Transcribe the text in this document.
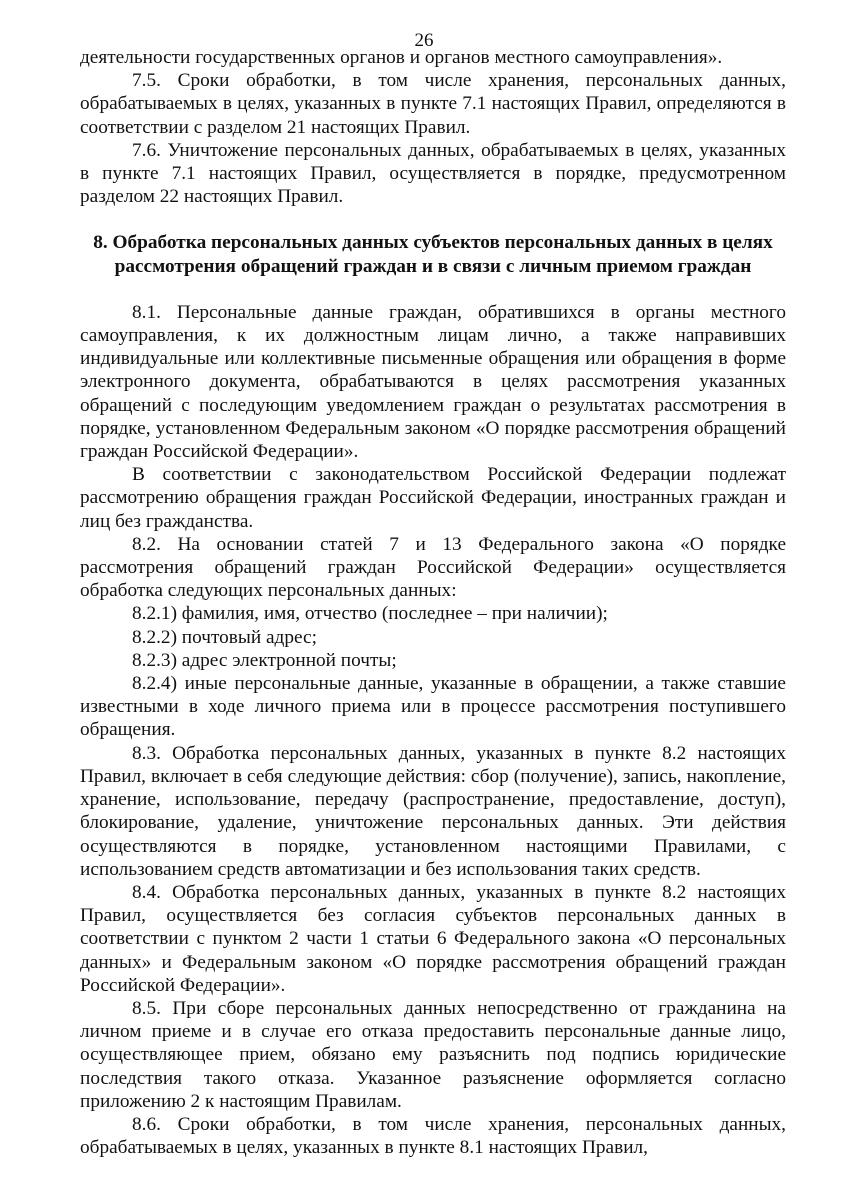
26

деятельности государственных органов и органов местного самоуправления».

7.5. Сроки обработки, в том числе хранения, персональных данных, обрабатываемых в целях, указанных в пункте 7.1 настоящих Правил, определяются в соответствии с разделом 21 настоящих Правил.

7.6. Уничтожение персональных данных, обрабатываемых в целях, указанных в пункте 7.1 настоящих Правил, осуществляется в порядке, предусмотренном разделом 22 настоящих Правил.

8. Обработка персональных данных субъектов персональных данных в целях рассмотрения обращений граждан и в связи с личным приемом граждан

8.1. Персональные данные граждан, обратившихся в органы местного самоуправления, к их должностным лицам лично, а также направивших индивидуальные или коллективные письменные обращения или обращения в форме электронного документа, обрабатываются в целях рассмотрения указанных обращений с последующим уведомлением граждан о результатах рассмотрения в порядке, установленном Федеральным законом «О порядке рассмотрения обращений граждан Российской Федерации».

В соответствии с законодательством Российской Федерации подлежат рассмотрению обращения граждан Российской Федерации, иностранных граждан и лиц без гражданства.

8.2. На основании статей 7 и 13 Федерального закона «О порядке рассмотрения обращений граждан Российской Федерации» осуществляется обработка следующих персональных данных:

8.2.1) фамилия, имя, отчество (последнее – при наличии);

8.2.2) почтовый адрес;

8.2.3) адрес электронной почты;

8.2.4) иные персональные данные, указанные в обращении, а также ставшие известными в ходе личного приема или в процессе рассмотрения поступившего обращения.

8.3. Обработка персональных данных, указанных в пункте 8.2 настоящих Правил, включает в себя следующие действия: сбор (получение), запись, накопление, хранение, использование, передачу (распространение, предоставление, доступ), блокирование, удаление, уничтожение персональных данных. Эти действия осуществляются в порядке, установленном настоящими Правилами, с использованием средств автоматизации и без использования таких средств.

8.4. Обработка персональных данных, указанных в пункте 8.2 настоящих Правил, осуществляется без согласия субъектов персональных данных в соответствии с пунктом 2 части 1 статьи 6 Федерального закона «О персональных данных» и Федеральным законом «О порядке рассмотрения обращений граждан Российской Федерации».

8.5. При сборе персональных данных непосредственно от гражданина на личном приеме и в случае его отказа предоставить персональные данные лицо, осуществляющее прием, обязано ему разъяснить под подпись юридические последствия такого отказа. Указанное разъяснение оформляется согласно приложению 2 к настоящим Правилам.

8.6. Сроки обработки, в том числе хранения, персональных данных, обрабатываемых в целях, указанных в пункте 8.1 настоящих Правил,
